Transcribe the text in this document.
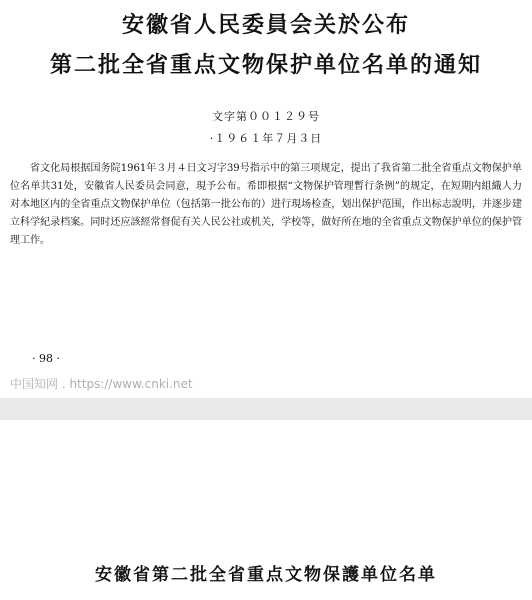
安徽省人民委員会关於公布
第二批全省重点文物保护单位名单的通知
文字第００１２９号
·１９６１年７月３日

省文化局根据国务院1961年３月４日文习字39号指示中的第三项规定，提出了我省第二批全省重点文物保护单位名单共31处，安徽省人民委员会同意，現予公布。希即根据“文物保护管理暫行条例”的规定，在短期内組織人力对本地区内的全省重点文物保护单位（包括第一批公布的）进行現场检查，划出保护范围，作出标志說明，并逐步建立科学紀录档案。同时还应該經常督促有关人民公社或机关，学校等，做好所在地的全省重点文物保护单位的保护管理工作。

· 98 ·
中国知网 . https://www.cnki.net
安徽省第二批全省重点文物保護单位名单
